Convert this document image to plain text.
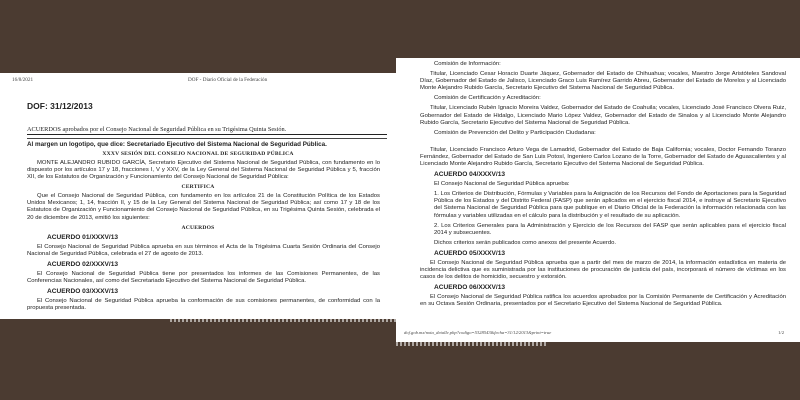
16/8/2021	DOF - Diario Oficial de la Federación
DOF: 31/12/2013
ACUERDOS aprobados por el Consejo Nacional de Seguridad Pública en su Trigésima Quinta Sesión.
Al margen un logotipo, que dice: Secretariado Ejecutivo del Sistema Nacional de Seguridad Pública.
XXXV SESIÓN DEL CONSEJO NACIONAL DE SEGURIDAD PÚBLICA

MONTE ALEJANDRO RUBIDO GARCÍA, Secretario Ejecutivo del Sistema Nacional de Seguridad Pública, con fundamento en lo dispuesto por los artículos 17 y 18, fracciones I, V y XXV, de la Ley General del Sistema Nacional de Seguridad Pública y 5, fracción XII, de los Estatutos de Organización y Funcionamiento del Consejo Nacional de Seguridad Pública:

CERTIFICA

Que el Consejo Nacional de Seguridad Pública, con fundamento en los artículos 21 de la Constitución Política de los Estados Unidos Mexicanos; 1, 14, fracción II, y 15 de la Ley General del Sistema Nacional de Seguridad Pública; así como 17 y 18 de los Estatutos de Organización y Funcionamiento del Consejo Nacional de Seguridad Pública, en su Trigésima Quinta Sesión, celebrada el 20 de diciembre de 2013, emitió los siguientes:

ACUERDOS
ACUERDO 01/XXXV/13

El Consejo Nacional de Seguridad Pública aprueba en sus términos el Acta de la Trigésima Cuarta Sesión Ordinaria del Consejo Nacional de Seguridad Pública, celebrada el 27 de agosto de 2013.

ACUERDO 02/XXXV/13

El Consejo Nacional de Seguridad Pública tiene por presentados los informes de las Comisiones Permanentes, de las Conferencias Nacionales, así como del Secretariado Ejecutivo del Sistema Nacional de Seguridad Pública.

ACUERDO 03/XXXV/13

El Consejo Nacional de Seguridad Pública aprueba la conformación de sus comisiones permanentes, de conformidad con la propuesta presentada.

Comisión de Información:

Titular, Licenciado Cesar Horacio Duarte Jáquez, Gobernador del Estado de Chihuahua; vocales, Maestro Jorge Aristóteles Sandoval Díaz, Gobernador del Estado de Jalisco, Licenciado Graco Luis Ramírez Garrido Abreu, Gobernador del Estado de Morelos y al Licenciado Monte Alejandro Rubido García, Secretario Ejecutivo del Sistema Nacional de Seguridad Pública.

Comisión de Certificación y Acreditación:

Titular, Licenciado Rubén Ignacio Moreira Valdez, Gobernador del Estado de Coahuila; vocales, Licenciado José Francisco Olvera Ruiz, Gobernador del Estado de Hidalgo, Licenciado Mario López Valdez, Gobernador del Estado de Sinaloa y al Licenciado Monte Alejandro Rubido García, Secretario Ejecutivo del Sistema Nacional de Seguridad Pública.

Comisión de Prevención del Delito y Participación Ciudadana:

Titular, Licenciado Francisco Arturo Vega de Lamadrid, Gobernador del Estado de Baja California; vocales, Doctor Fernando Toranzo Fernández, Gobernador del Estado de San Luis Potosí, Ingeniero Carlos Lozano de la Torre, Gobernador del Estado de Aguascalientes y al Licenciado Monte Alejandro Rubido García, Secretario Ejecutivo del Sistema Nacional de Seguridad Pública.

ACUERDO 04/XXXV/13

El Consejo Nacional de Seguridad Pública aprueba:

1. Los Criterios de Distribución, Fórmulas y Variables para la Asignación de los Recursos del Fondo de Aportaciones para la Seguridad Pública de los Estados y del Distrito Federal (FASP) que serán aplicados en el ejercicio fiscal 2014, e instruye al Secretario Ejecutivo del Sistema Nacional de Seguridad Pública para que publique en el Diario Oficial de la Federación la información relacionada con las fórmulas y variables utilizadas en el cálculo para la distribución y el resultado de su aplicación.

2. Los Criterios Generales para la Administración y Ejercicio de los Recursos del FASP que serán aplicables para el ejercicio fiscal 2014 y subsecuentes.

Dichos criterios serán publicados como anexos del presente Acuerdo.

ACUERDO 05/XXXV/13

El Consejo Nacional de Seguridad Pública aprueba que a partir del mes de marzo de 2014, la información estadística en materia de incidencia delictiva que es suministrada por las instituciones de procuración de justicia del país, incorporará el número de víctimas en los casos de los delitos de homicidio, secuestro y extorsión.

ACUERDO 06/XXXV/13

El Consejo Nacional de Seguridad Pública ratifica los acuerdos aprobados por la Comisión Permanente de Certificación y Acreditación en su Octava Sesión Ordinaria, presentados por el Secretario Ejecutivo del Sistema Nacional de Seguridad Pública.

dof.gob.mx/nota_detalle.php?codigo=5328543&fecha=31/12/2013&print=true	1/2
